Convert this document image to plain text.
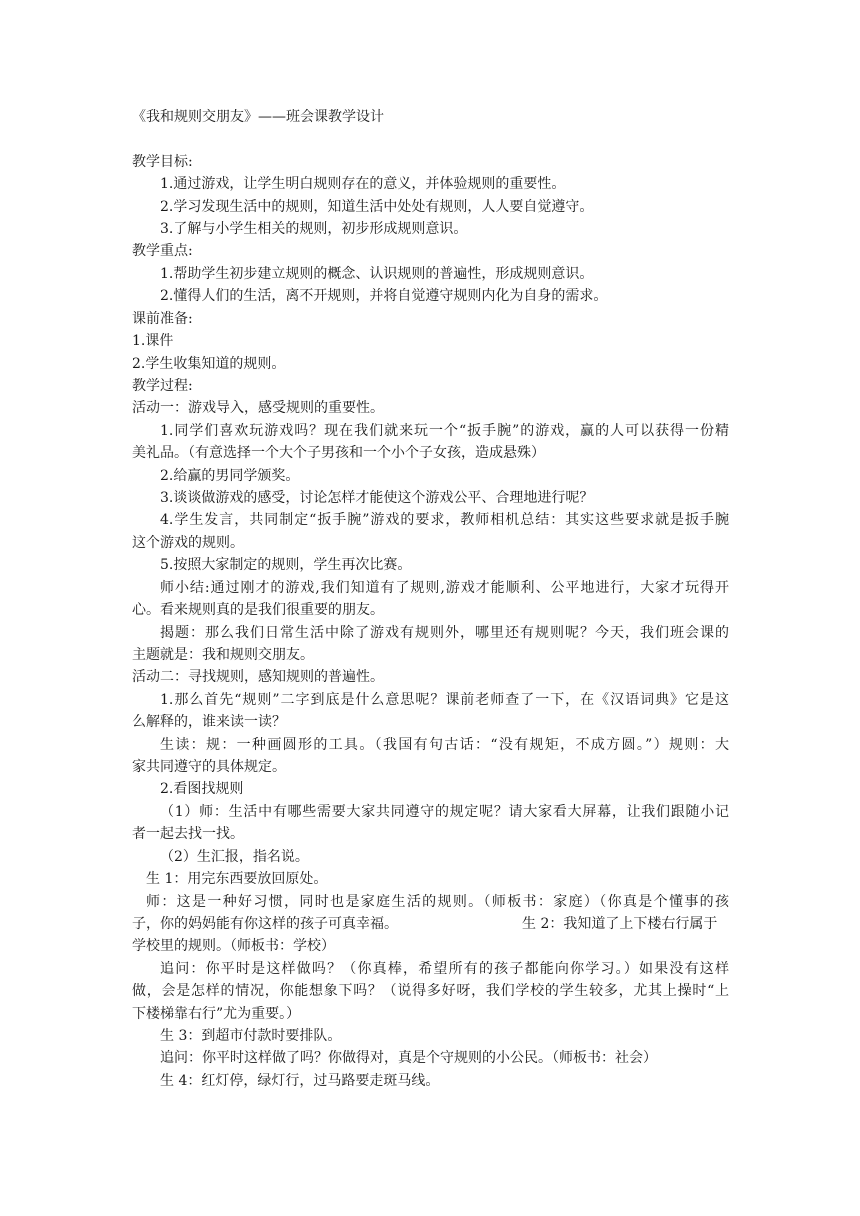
《我和规则交朋友》——班会课教学设计
教学目标:
1.通过游戏，让学生明白规则存在的意义，并体验规则的重要性。
2.学习发现生活中的规则，知道生活中处处有规则，人人要自觉遵守。
3.了解与小学生相关的规则，初步形成规则意识。
教学重点:
1.帮助学生初步建立规则的概念、认识规则的普遍性，形成规则意识。
2.懂得人们的生活，离不开规则，并将自觉遵守规则内化为自身的需求。
课前准备:
1.课件
2.学生收集知道的规则。
教学过程:
活动一：游戏导入，感受规则的重要性。
1.同学们喜欢玩游戏吗？现在我们就来玩一个“扳手腕”的游戏，赢的人可以获得一份精
美礼品。（有意选择一个大个子男孩和一个小个子女孩，造成悬殊）
2.给赢的男同学颁奖。
3.谈谈做游戏的感受，讨论怎样才能使这个游戏公平、合理地进行呢？
4.学生发言，共同制定“扳手腕”游戏的要求，教师相机总结：其实这些要求就是扳手腕
这个游戏的规则。
5.按照大家制定的规则，学生再次比赛。
师小结:通过刚才的游戏,我们知道有了规则,游戏才能顺利、公平地进行，大家才玩得开
心。看来规则真的是我们很重要的朋友。
揭题：那么我们日常生活中除了游戏有规则外，哪里还有规则呢？今天，我们班会课的
主题就是：我和规则交朋友。
活动二：寻找规则，感知规则的普遍性。
1.那么首先“规则”二字到底是什么意思呢？课前老师查了一下，在《汉语词典》它是这
么解释的，谁来读一读？
生读：规：一种画圆形的工具。（我国有句古话：“没有规矩，不成方圆。”）规则：大
家共同遵守的具体规定。
2.看图找规则
（1）师：生活中有哪些需要大家共同遵守的规定呢？请大家看大屏幕，让我们跟随小记
者一起去找一找。
（2）生汇报，指名说。
生 1：用完东西要放回原处。
师：这是一种好习惯，同时也是家庭生活的规则。（师板书：家庭）（你真是个懂事的孩
子，你的妈妈能有你这样的孩子可真幸福。	生 2：我知道了上下楼右行属于
学校里的规则。（师板书：学校）
追问：你平时是这样做吗？（你真棒，希望所有的孩子都能向你学习。）如果没有这样
做，会是怎样的情况，你能想象下吗？（说得多好呀，我们学校的学生较多，尤其上操时“上
下楼梯靠右行”尤为重要。）
生 3：到超市付款时要排队。
追问：你平时这样做了吗？你做得对，真是个守规则的小公民。（师板书：社会）
生 4：红灯停，绿灯行，过马路要走斑马线。
